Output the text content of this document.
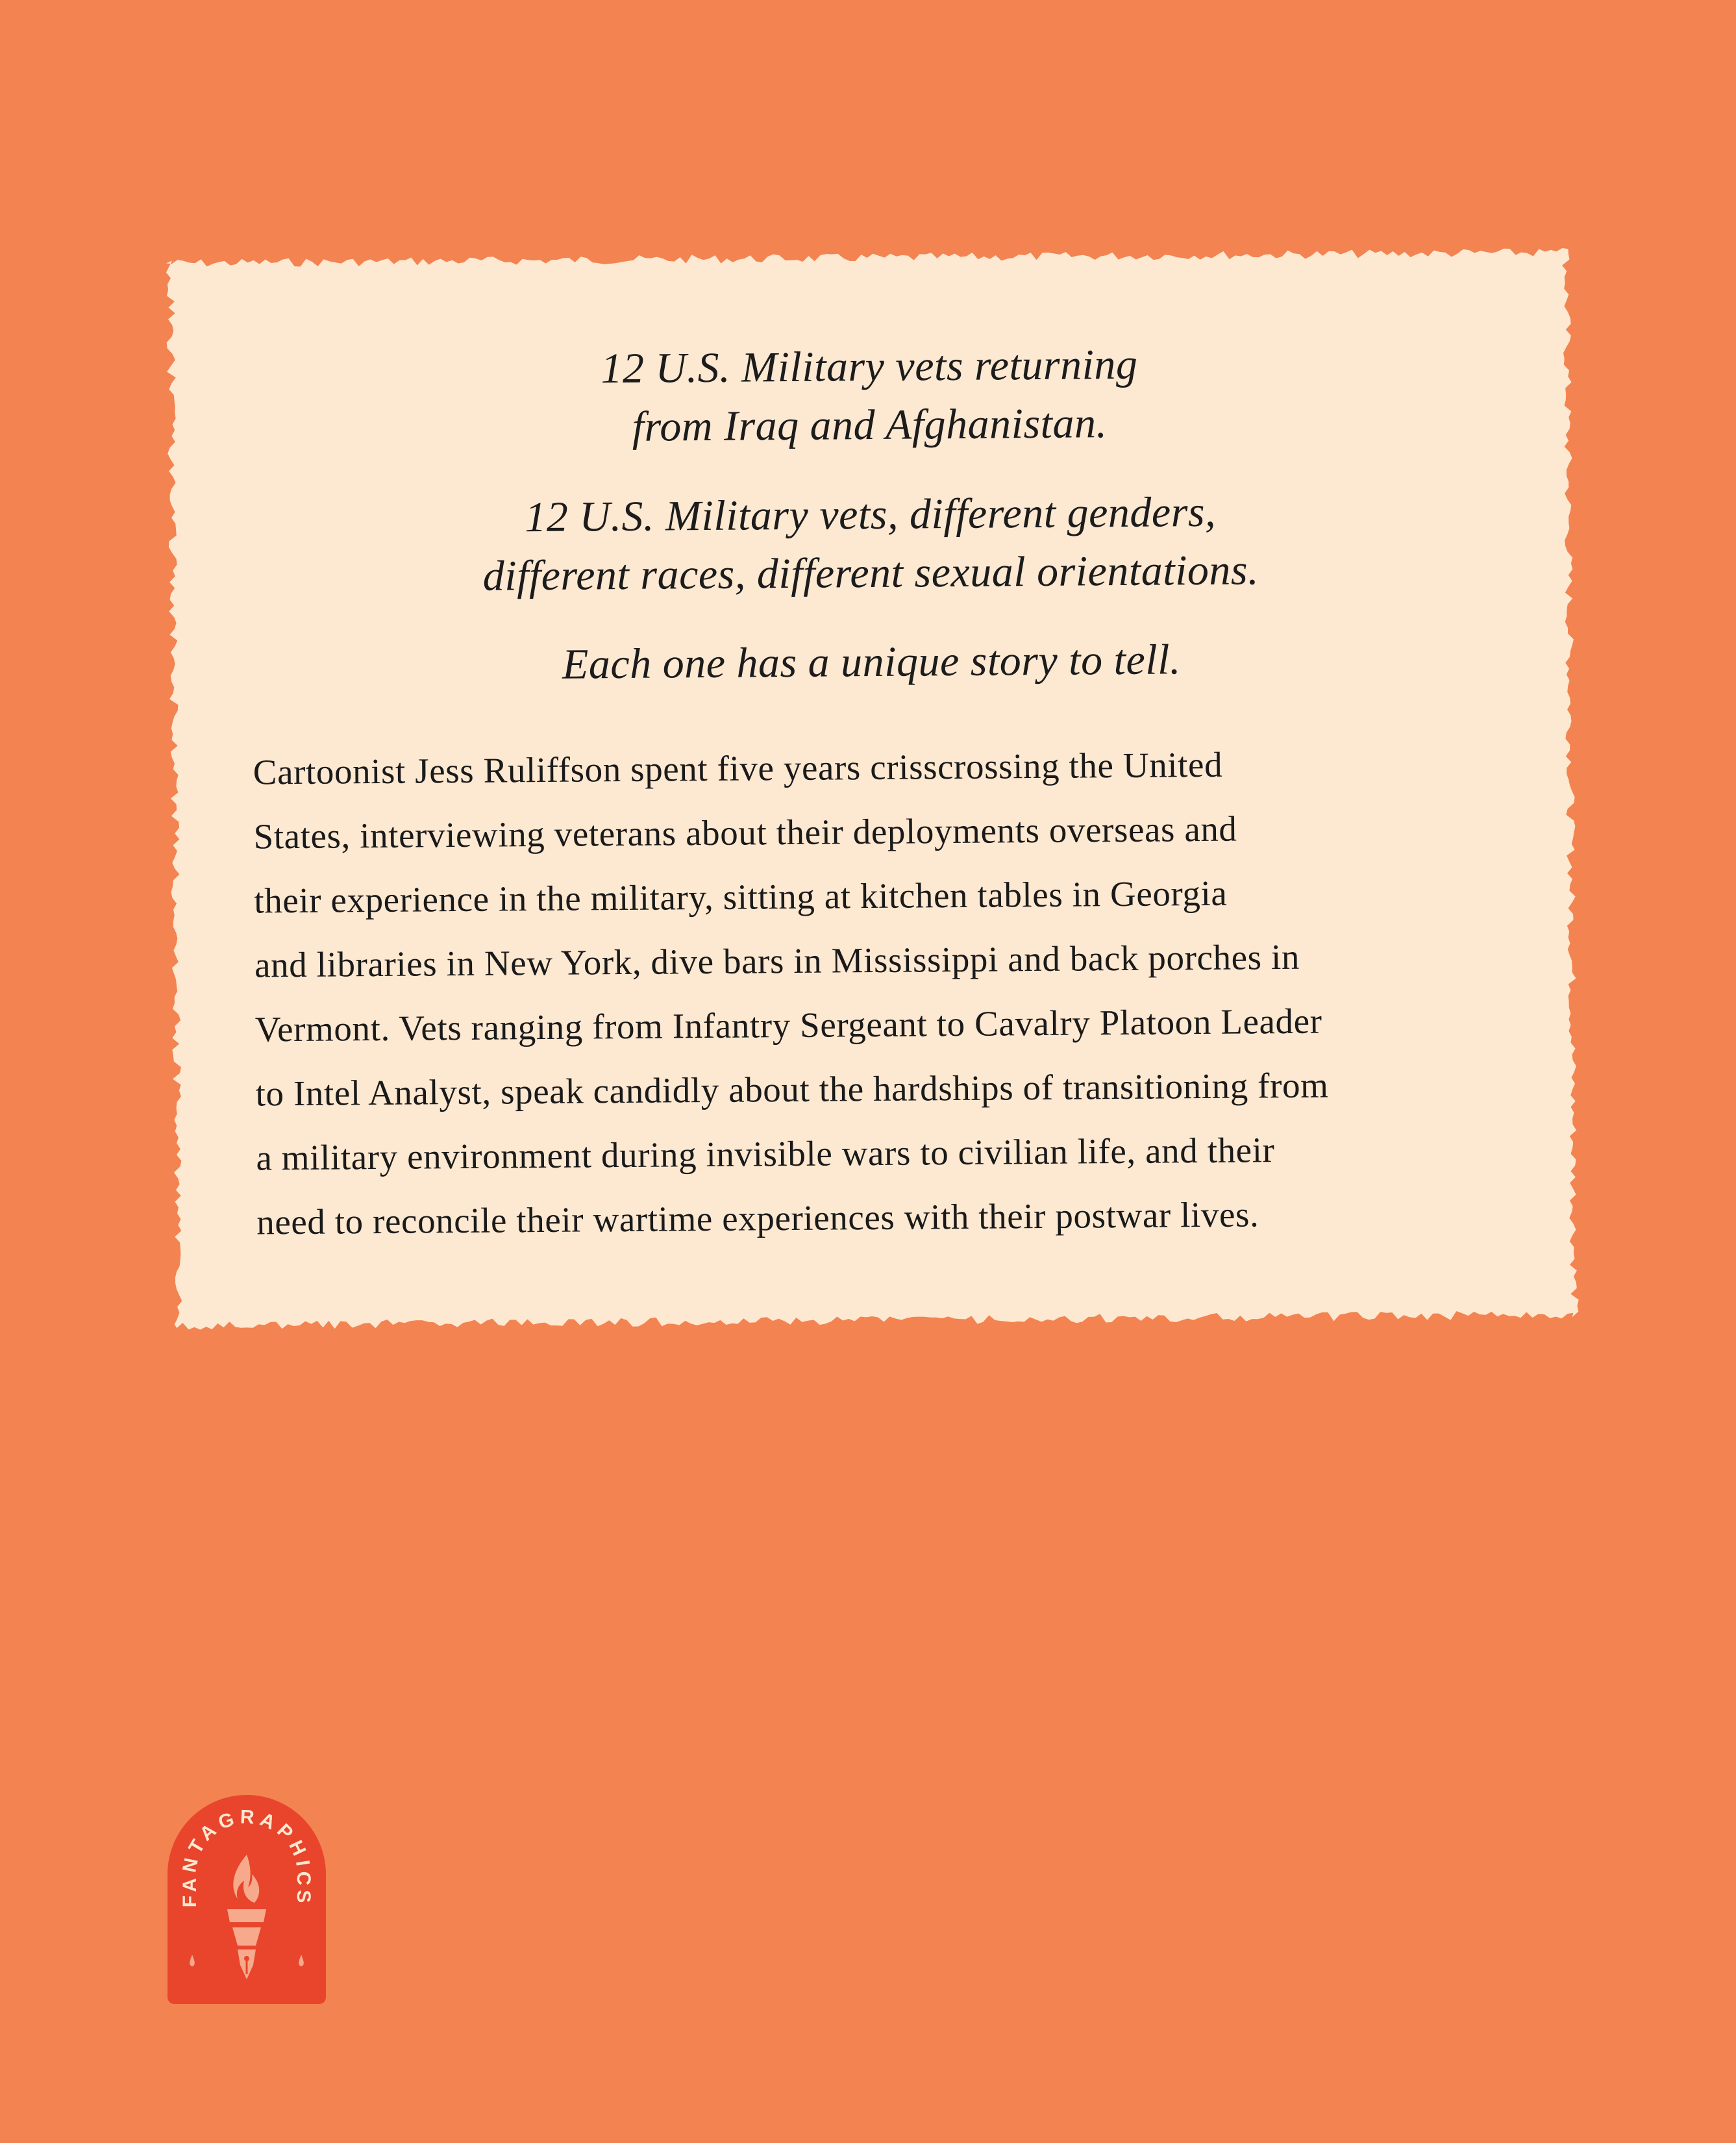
12 U.S. Military vets returning
from Iraq and Afghanistan.
12 U.S. Military vets, different genders,
different races, different sexual orientations.
Each one has a unique story to tell.
Cartoonist Jess Ruliffson spent five years crisscrossing the United
States, interviewing veterans about their deployments overseas and
their experience in the military, sitting at kitchen tables in Georgia
and libraries in New York, dive bars in Mississippi and back porches in
Vermont. Vets ranging from Infantry Sergeant to Cavalry Platoon Leader
to Intel Analyst, speak candidly about the hardships of transitioning from
a military environment during invisible wars to civilian life, and their
need to reconcile their wartime experiences with their postwar lives.
FANTAGRAPHICS
